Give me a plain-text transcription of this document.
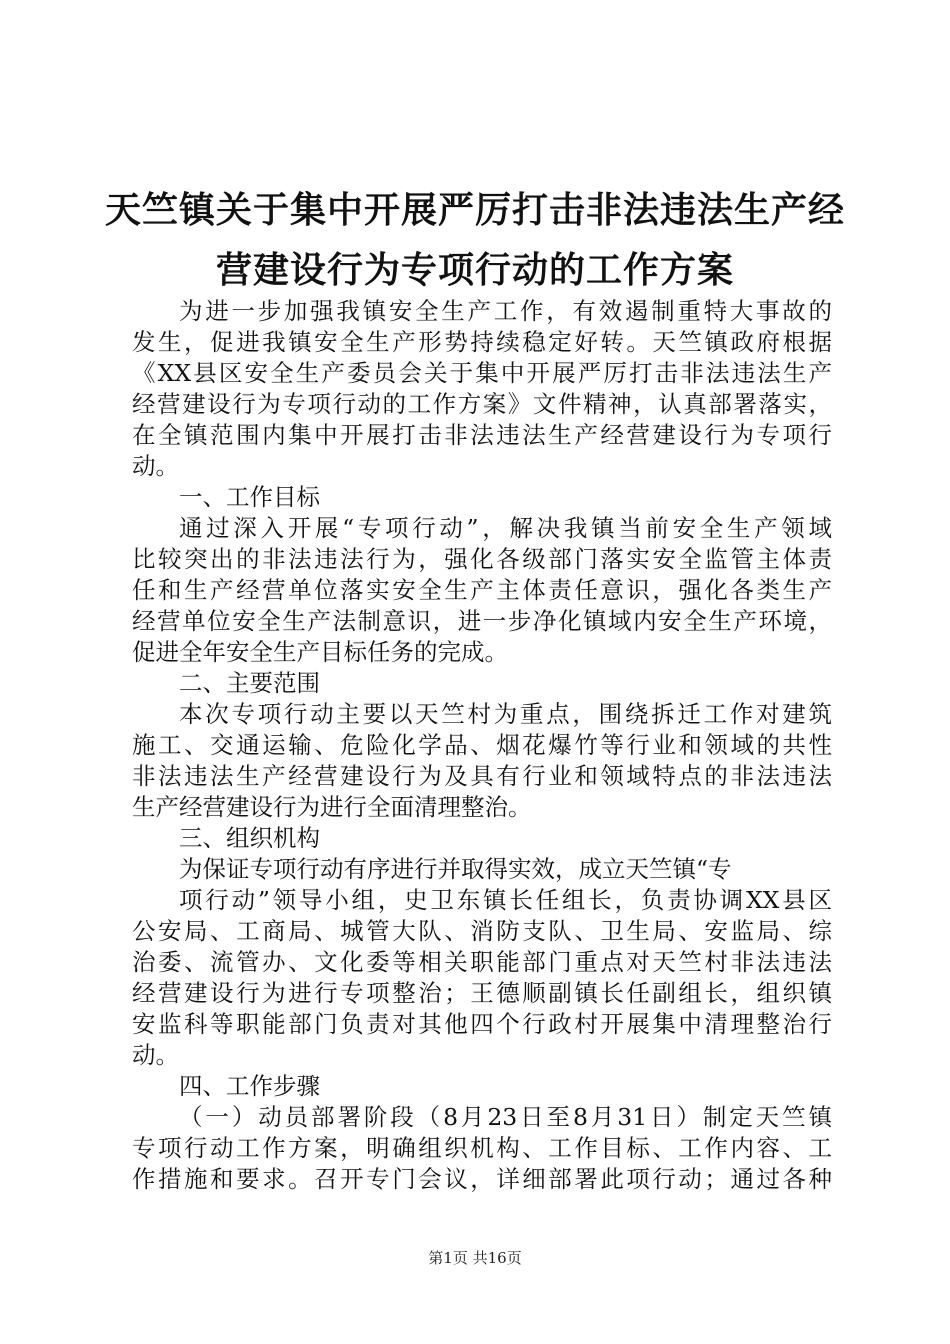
天竺镇关于集中开展严厉打击非法违法生产经
营建设行为专项行动的工作方案
为进一步加强我镇安全生产工作，有效遏制重特大事故的
发生，促进我镇安全生产形势持续稳定好转。天竺镇政府根据
《XX县区安全生产委员会关于集中开展严厉打击非法违法生产
经营建设行为专项行动的工作方案》文件精神，认真部署落实，
在全镇范围内集中开展打击非法违法生产经营建设行为专项行
动。
一、工作目标
通过深入开展“专项行动”，解决我镇当前安全生产领域
比较突出的非法违法行为，强化各级部门落实安全监管主体责
任和生产经营单位落实安全生产主体责任意识，强化各类生产
经营单位安全生产法制意识，进一步净化镇域内安全生产环境，
促进全年安全生产目标任务的完成。
二、主要范围
本次专项行动主要以天竺村为重点，围绕拆迁工作对建筑
施工、交通运输、危险化学品、烟花爆竹等行业和领域的共性
非法违法生产经营建设行为及具有行业和领域特点的非法违法
生产经营建设行为进行全面清理整治。
三、组织机构
为保证专项行动有序进行并取得实效，成立天竺镇“专
项行动”领导小组，史卫东镇长任组长，负责协调XX县区
公安局、工商局、城管大队、消防支队、卫生局、安监局、综
治委、流管办、文化委等相关职能部门重点对天竺村非法违法
经营建设行为进行专项整治；王德顺副镇长任副组长，组织镇
安监科等职能部门负责对其他四个行政村开展集中清理整治行
动。
四、工作步骤
（一）动员部署阶段（8月23日至8月31日）制定天竺镇
专项行动工作方案，明确组织机构、工作目标、工作内容、工
作措施和要求。召开专门会议，详细部署此项行动；通过各种
第1页 共16页
